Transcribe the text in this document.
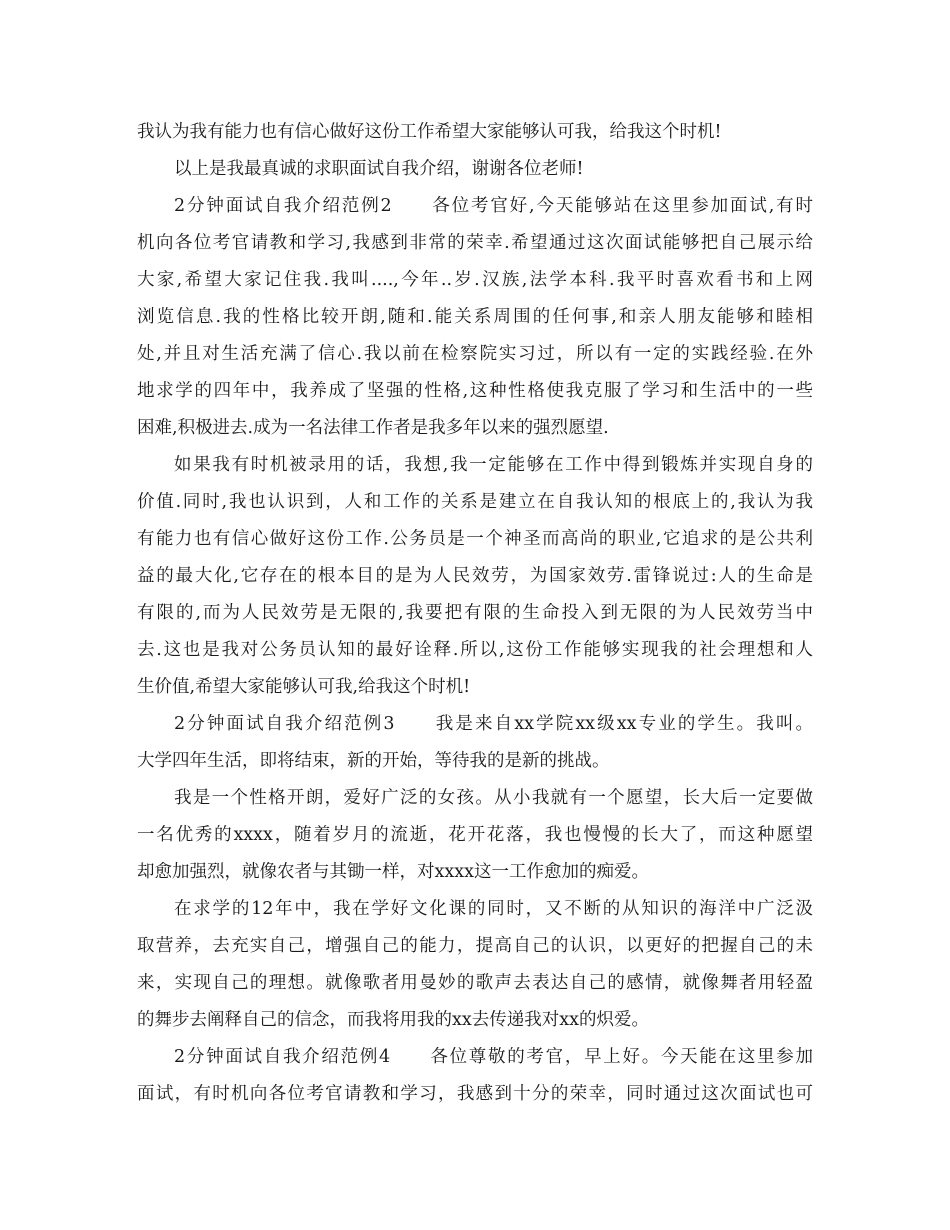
我认为我有能力也有信心做好这份工作希望大家能够认可我，给我这个时机!
以上是我最真诚的求职面试自我介绍，谢谢各位老师!
2分钟面试自我介绍范例2　　各位考官好,今天能够站在这里参加面试,有时
机向各位考官请教和学习,我感到非常的荣幸.希望通过这次面试能够把自己展示给
大家,希望大家记住我.我叫....,今年..岁.汉族,法学本科.我平时喜欢看书和上网
浏览信息.我的性格比较开朗,随和.能关系周围的任何事,和亲人朋友能够和睦相
处,并且对生活充满了信心.我以前在检察院实习过，所以有一定的实践经验.在外
地求学的四年中，我养成了坚强的性格,这种性格使我克服了学习和生活中的一些
困难,积极进去.成为一名法律工作者是我多年以来的强烈愿望.
如果我有时机被录用的话，我想,我一定能够在工作中得到锻炼并实现自身的
价值.同时,我也认识到，人和工作的关系是建立在自我认知的根底上的,我认为我
有能力也有信心做好这份工作.公务员是一个神圣而高尚的职业,它追求的是公共利
益的最大化,它存在的根本目的是为人民效劳，为国家效劳.雷锋说过:人的生命是
有限的,而为人民效劳是无限的,我要把有限的生命投入到无限的为人民效劳当中
去.这也是我对公务员认知的最好诠释.所以,这份工作能够实现我的社会理想和人
生价值,希望大家能够认可我,给我这个时机!
2分钟面试自我介绍范例3　　我是来自xx学院xx级xx专业的学生。我叫。
大学四年生活，即将结束，新的开始，等待我的是新的挑战。
我是一个性格开朗，爱好广泛的女孩。从小我就有一个愿望，长大后一定要做
一名优秀的xxxx，随着岁月的流逝，花开花落，我也慢慢的长大了，而这种愿望
却愈加强烈，就像农者与其锄一样，对xxxx这一工作愈加的痴爱。
在求学的12年中，我在学好文化课的同时，又不断的从知识的海洋中广泛汲
取营养，去充实自己，增强自己的能力，提高自己的认识，以更好的把握自己的未
来，实现自己的理想。就像歌者用曼妙的歌声去表达自己的感情，就像舞者用轻盈
的舞步去阐释自己的信念，而我将用我的xx去传递我对xx的炽爱。
2分钟面试自我介绍范例4　　各位尊敬的考官，早上好。今天能在这里参加
面试，有时机向各位考官请教和学习，我感到十分的荣幸，同时通过这次面试也可
